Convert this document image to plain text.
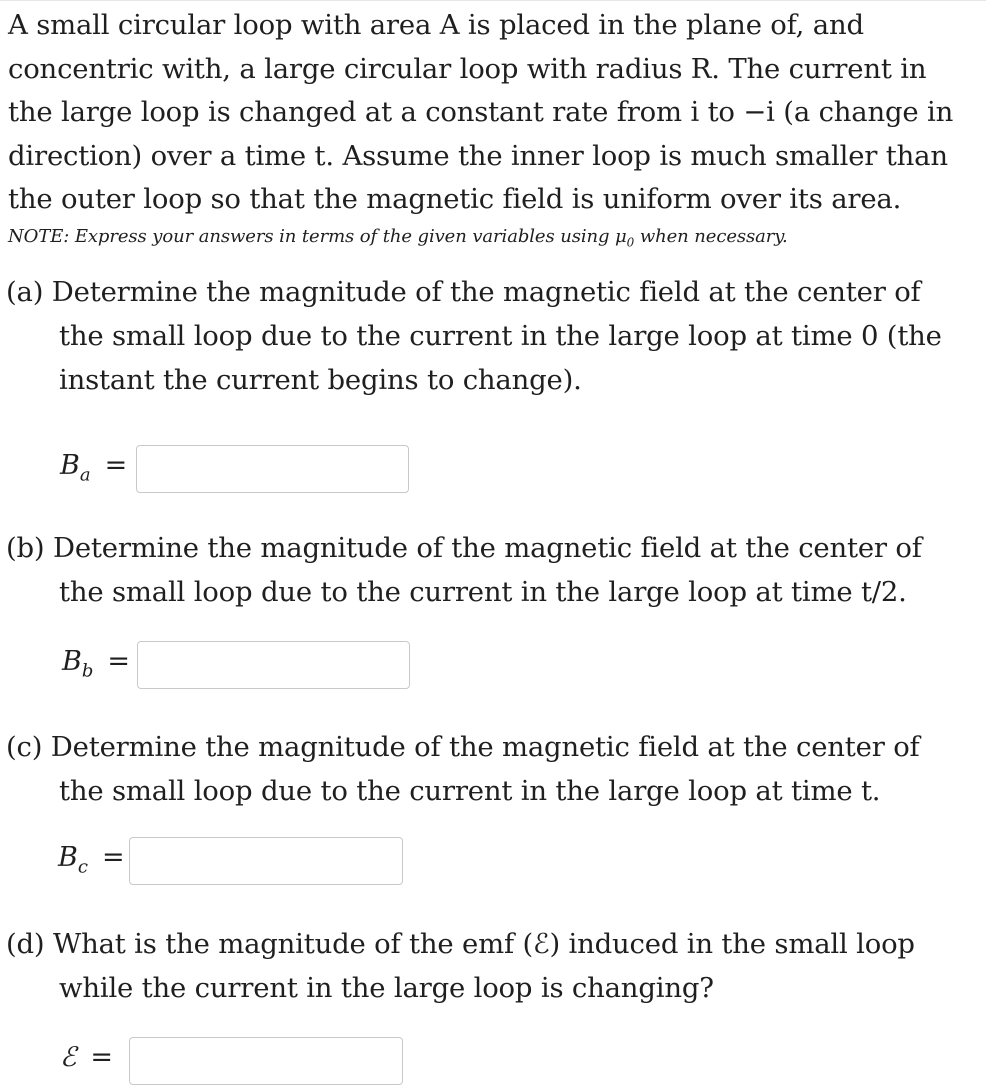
A small circular loop with area A is placed in the plane of, and

concentric with, a large circular loop with radius R. The current in

the large loop is changed at a constant rate from i to −i (a change in

direction) over a time t. Assume the inner loop is much smaller than

the outer loop so that the magnetic field is uniform over its area.

NOTE: Express your answers in terms of the given variables using $\mu_0$ when necessary.

(a) Determine the magnitude of the magnetic field at the center of

the small loop due to the current in the large loop at time 0 (the

instant the current begins to change).

$B_a$ =

(b) Determine the magnitude of the magnetic field at the center of

the small loop due to the current in the large loop at time t/2.

$B_b$ =

(c) Determine the magnitude of the magnetic field at the center of

the small loop due to the current in the large loop at time t.

$B_c$ =

(d) What is the magnitude of the emf (ℰ) induced in the small loop

while the current in the large loop is changing?

ℰ =
